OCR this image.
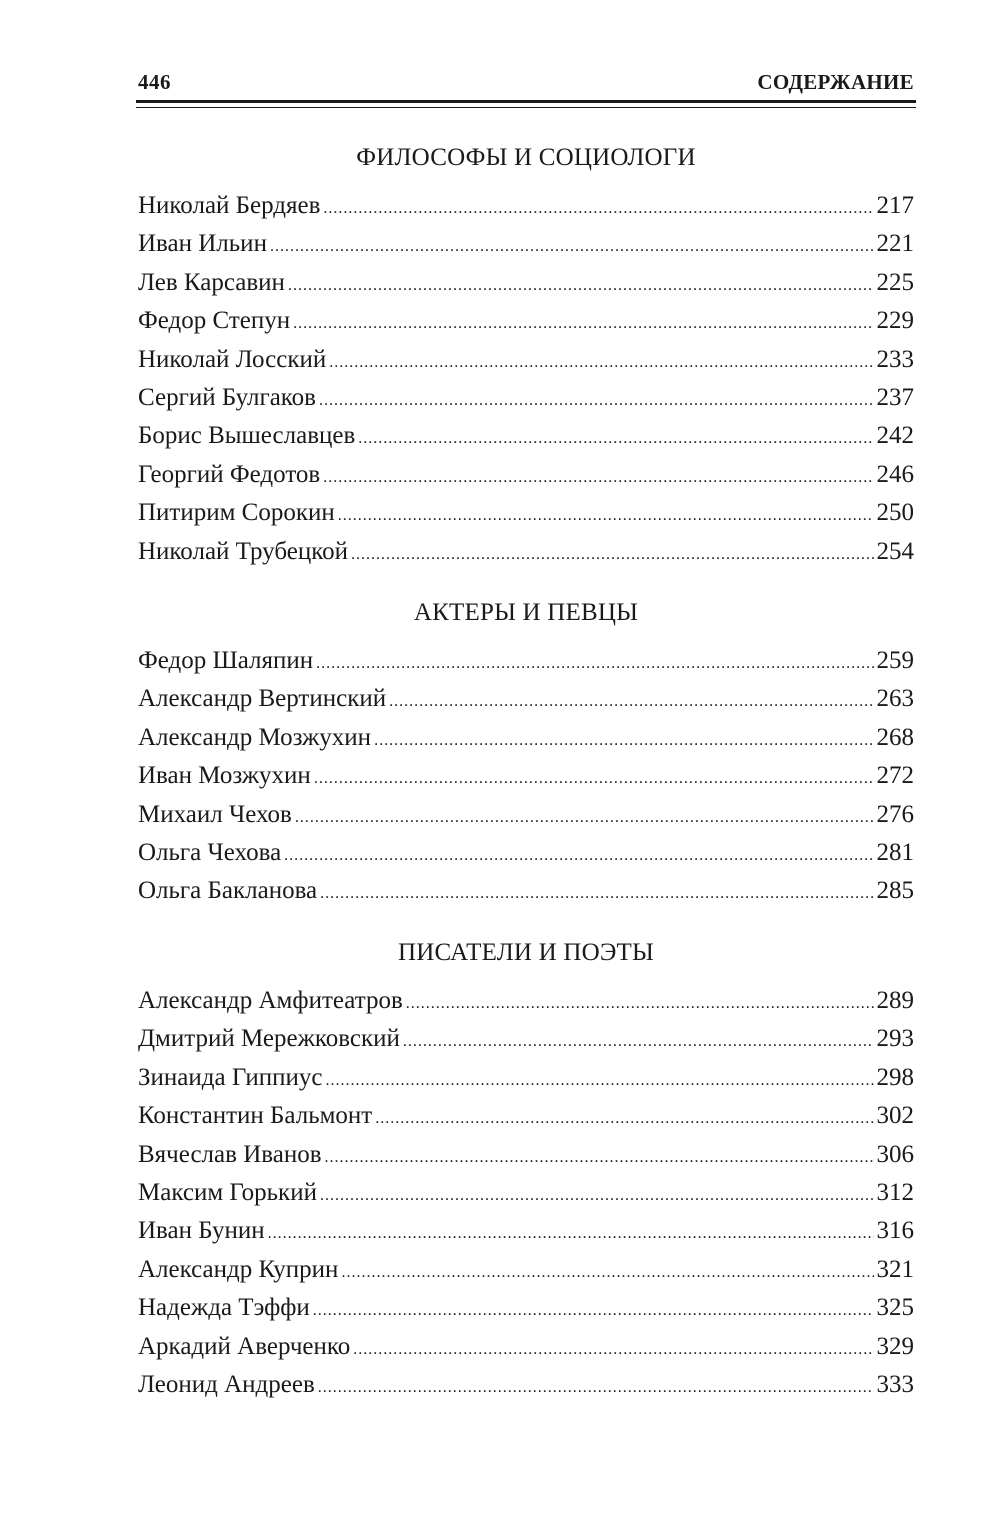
446	СОДЕРЖАНИЕ
ФИЛОСОФЫ И СОЦИОЛОГИ
Николай Бердяев .....	217
Иван Ильин .....	221
Лев Карсавин .....	225
Федор Степун .....	229
Николай Лосский .....	233
Сергий Булгаков .....	237
Борис Вышеславцев .....	242
Георгий Федотов .....	246
Питирим Сорокин .....	250
Николай Трубецкой .....	254
АКТЕРЫ И ПЕВЦЫ
Федор Шаляпин .....	259
Александр Вертинский .....	263
Александр Мозжухин .....	268
Иван Мозжухин .....	272
Михаил Чехов .....	276
Ольга Чехова .....	281
Ольга Бакланова .....	285
ПИСАТЕЛИ И ПОЭТЫ
Александр Амфитеатров .....	289
Дмитрий Мережковский .....	293
Зинаида Гиппиус .....	298
Константин Бальмонт .....	302
Вячеслав Иванов .....	306
Максим Горький .....	312
Иван Бунин .....	316
Александр Куприн .....	321
Надежда Тэффи .....	325
Аркадий Аверченко .....	329
Леонид Андреев .....	333
